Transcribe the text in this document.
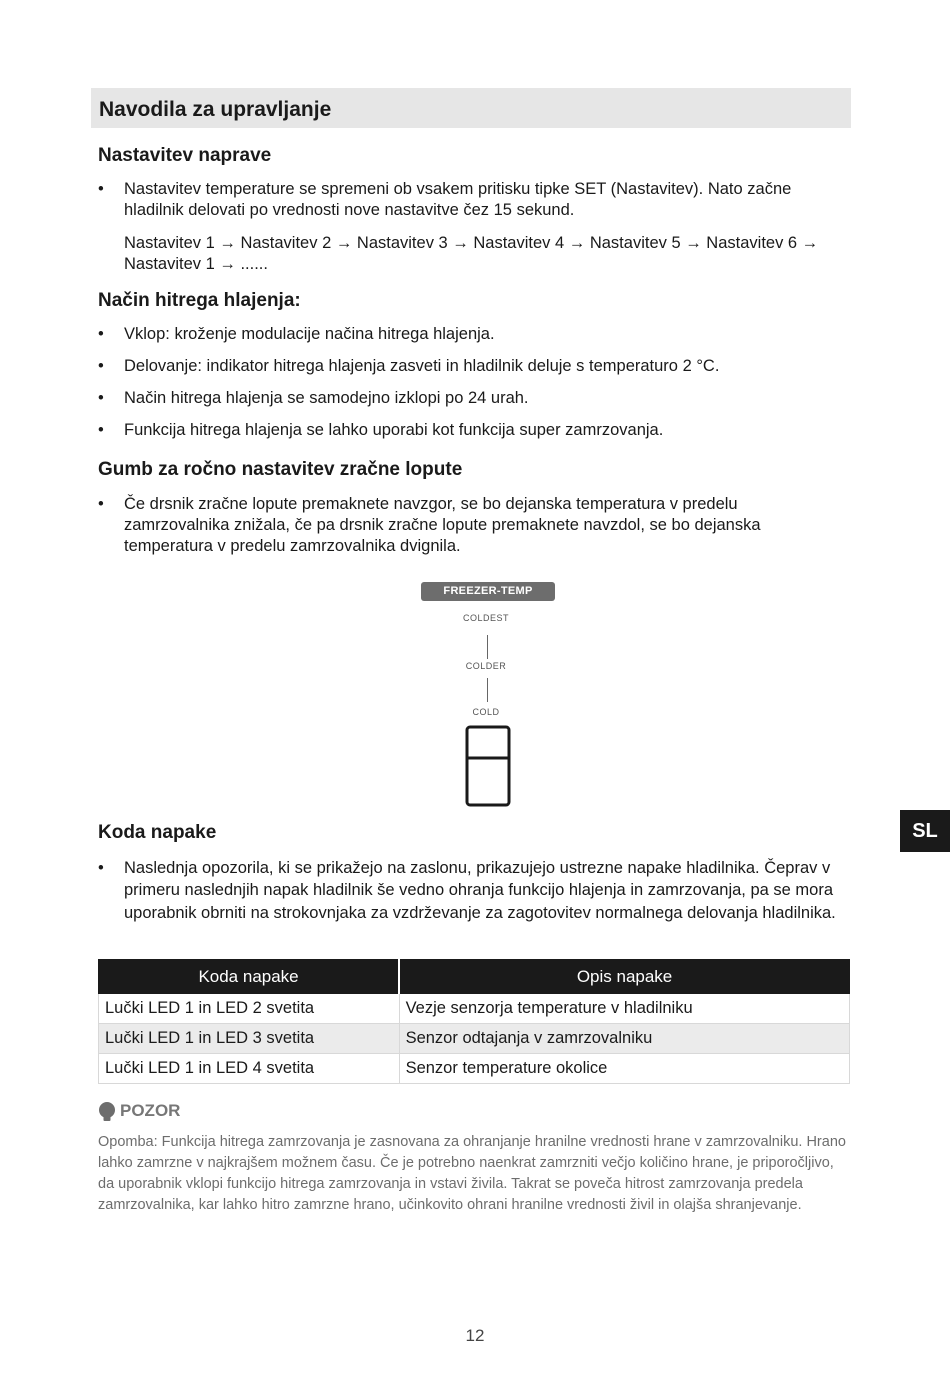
Navodila za upravljanje
Nastavitev naprave
• Nastavitev temperature se spremeni ob vsakem pritisku tipke SET (Nastavitev). Nato začne hladilnik delovati po vrednosti nove nastavitve čez 15 sekund.
Nastavitev 1 → Nastavitev 2 → Nastavitev 3 → Nastavitev 4 → Nastavitev 5 → Nastavitev 6 → Nastavitev 1 → ......
Način hitrega hlajenja:
• Vklop: kroženje modulacije načina hitrega hlajenja.
• Delovanje: indikator hitrega hlajenja zasveti in hladilnik deluje s temperaturo 2 °C.
• Način hitrega hlajenja se samodejno izklopi po 24 urah.
• Funkcija hitrega hlajenja se lahko uporabi kot funkcija super zamrzovanja.
Gumb za ročno nastavitev zračne lopute
• Če drsnik zračne lopute premaknete navzgor, se bo dejanska temperatura v predelu zamrzovalnika znižala, če pa drsnik zračne lopute premaknete navzdol, se bo dejanska temperatura v predelu zamrzovalnika dvignila.
FREEZER-TEMP
COLDEST
COLDER
COLD
Koda napake
• Naslednja opozorila, ki se prikažejo na zaslonu, prikazujejo ustrezne napake hladilnika. Čeprav v primeru naslednjih napak hladilnik še vedno ohranja funkcijo hlajenja in zamrzovanja, pa se mora uporabnik obrniti na strokovnjaka za vzdrževanje za zagotovitev normalnega delovanja hladilnika.
Koda napake	Opis napake
Lučki LED 1 in LED 2 svetita	Vezje senzorja temperature v hladilniku
Lučki LED 1 in LED 3 svetita	Senzor odtajanja v zamrzovalniku
Lučki LED 1 in LED 4 svetita	Senzor temperature okolice
POZOR
Opomba: Funkcija hitrega zamrzovanja je zasnovana za ohranjanje hranilne vrednosti hrane v zamrzovalniku. Hrano lahko zamrzne v najkrajšem možnem času. Če je potrebno naenkrat zamrzniti večjo količino hrane, je priporočljivo, da uporabnik vklopi funkcijo hitrega zamrzovanja in vstavi živila. Takrat se poveča hitrost zamrzovanja predela zamrzovalnika, kar lahko hitro zamrzne hrano, učinkovito ohrani hranilne vrednosti živil in olajša shranjevanje.
SL
12
